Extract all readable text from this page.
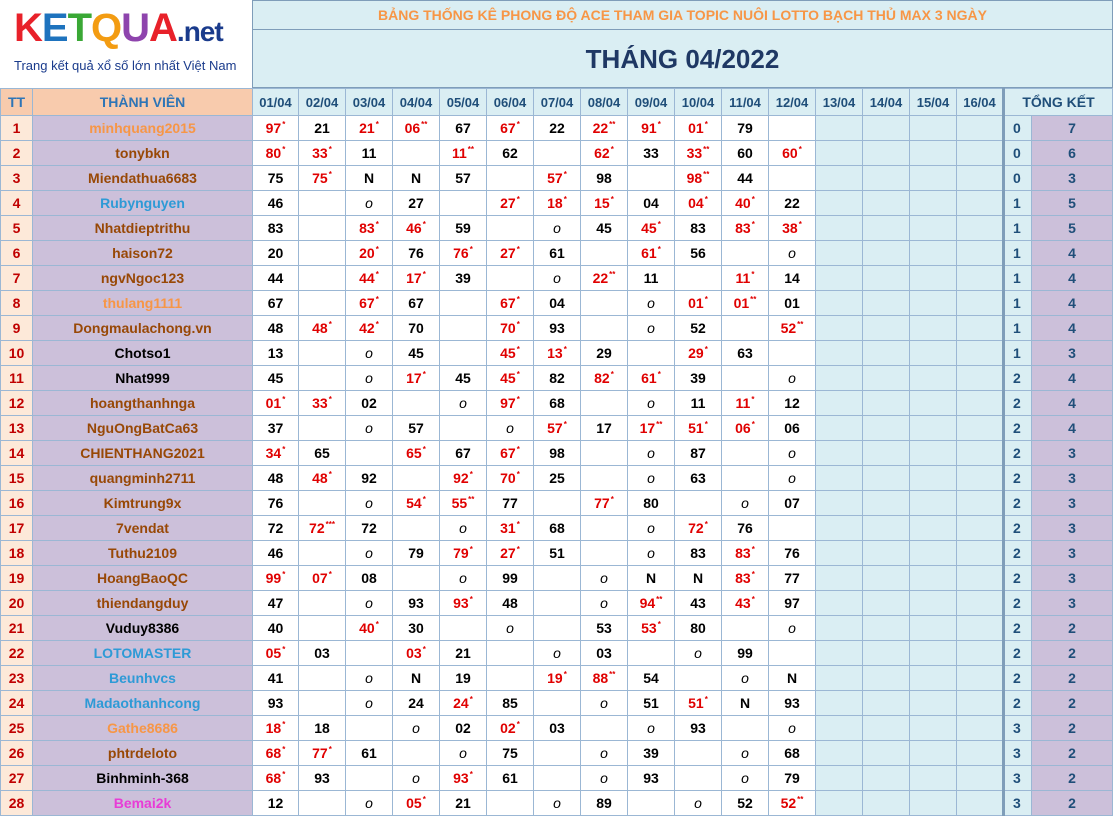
KETQUA.net
Trang kết quả xổ số lớn nhất Việt Nam
BẢNG THỐNG KÊ PHONG ĐỘ ACE THAM GIA TOPIC NUÔI LOTTO BẠCH THỦ MAX 3 NGÀY
THÁNG 04/2022
TT	THÀNH VIÊN	01/04	02/04	03/04	04/04	05/04	06/04	07/04	08/04	09/04	10/04	11/04	12/04	13/04	14/04	15/04	16/04	TỔNG KẾT	
1	minhquang2015	97*	21	21*	06**	67	67*	22	22**	91*	01*	79						0	7
2	tonybkn	80*	33*	11		11**	62		62*	33	33**	60	60*					0	6
3	Miendathua6683	75	75*	N	N	57		57*	98		98**	44						0	3
4	Rubynguyen	46		o	27		27*	18*	15*	04	04*	40*	22					1	5
5	Nhatdieptrithu	83		83*	46*	59		o	45	45*	83	83*	38*					1	5
6	haison72	20		20*	76	76*	27*	61		61*	56		o					1	4
7	ngvNgoc123	44		44*	17*	39		o	22**	11		11*	14					1	4
8	thulang1111	67		67*	67		67*	04		o	01*	01**	01					1	4
9	Dongmaulachong.vn	48	48*	42*	70		70*	93		o	52		52**					1	4
10	Chotso1	13		o	45		45*	13*	29		29*	63						1	3
11	Nhat999	45		o	17*	45	45*	82	82*	61*	39		o					2	4
12	hoangthanhnga	01*	33*	02		o	97*	68		o	11	11*	12					2	4
13	NguOngBatCa63	37		o	57		o	57*	17	17**	51*	06*	06					2	4
14	CHIENTHANG2021	34*	65		65*	67	67*	98		o	87		o					2	3
15	quangminh2711	48	48*	92		92*	70*	25		o	63		o					2	3
16	Kimtrung9x	76		o	54*	55**	77		77*	80		o	07					2	3
17	7vendat	72	72***	72		o	31*	68		o	72*	76						2	3
18	Tuthu2109	46		o	79	79*	27*	51		o	83	83*	76					2	3
19	HoangBaoQC	99*	07*	08		o	99		o	N	N	83*	77					2	3
20	thiendangduy	47		o	93	93*	48		o	94**	43	43*	97					2	3
21	Vuduy8386	40		40*	30		o		53	53*	80		o					2	2
22	LOTOMASTER	05*	03		03*	21		o	03		o	99						2	2
23	Beunhvcs	41		o	N	19		19*	88**	54		o	N					2	2
24	Madaothanhcong	93		o	24	24*	85		o	51	51*	N	93					2	2
25	Gathe8686	18*	18		o	02	02*	03		o	93		o					3	2
26	phtrdeloto	68*	77*	61		o	75		o	39		o	68					3	2
27	Binhminh-368	68*	93		o	93*	61		o	93		o	79					3	2
28	Bemai2k	12		o	05*	21		o	89		o	52	52**					3	2
